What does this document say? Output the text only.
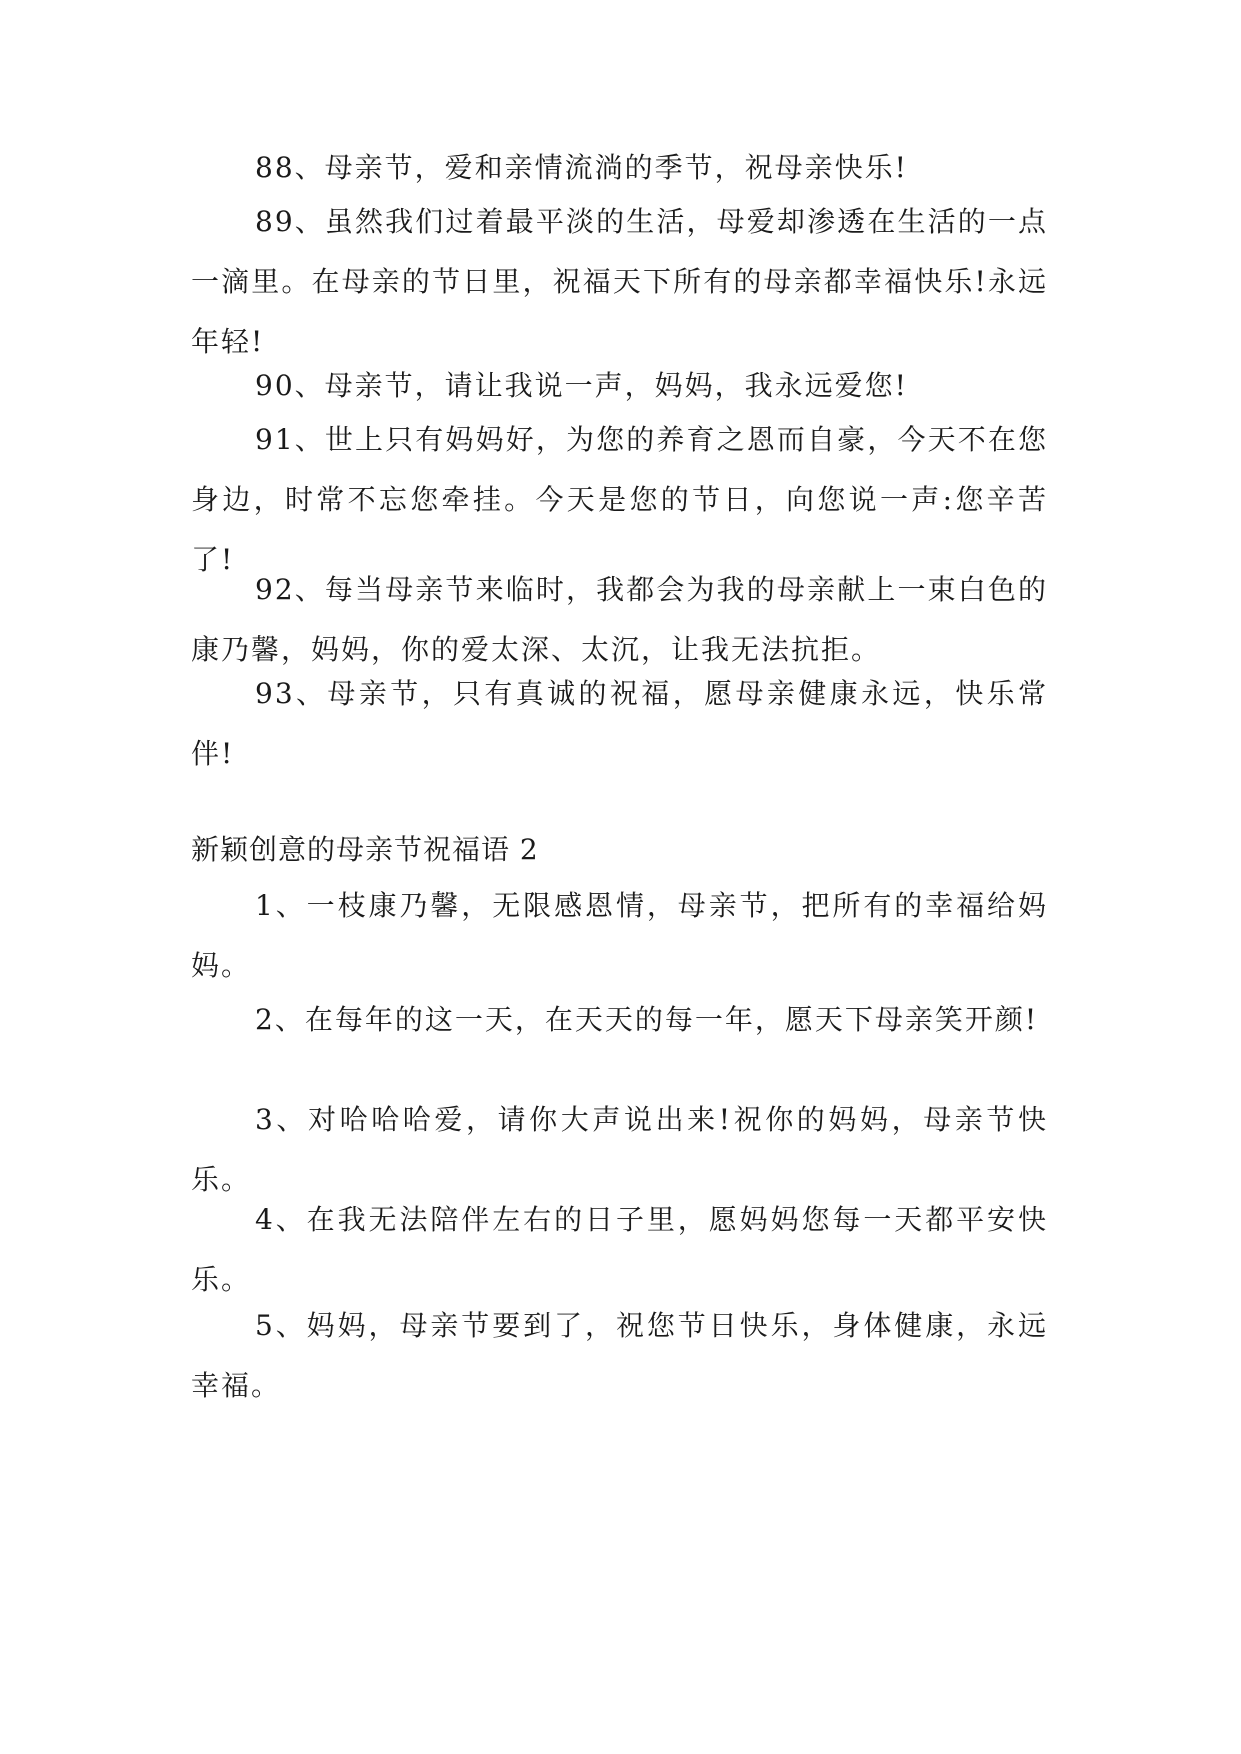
88、母亲节，爱和亲情流淌的季节，祝母亲快乐!

89、虽然我们过着最平淡的生活，母爱却渗透在生活的一点一滴里。在母亲的节日里，祝福天下所有的母亲都幸福快乐!永远年轻!

90、母亲节，请让我说一声，妈妈，我永远爱您!

91、世上只有妈妈好，为您的养育之恩而自豪，今天不在您身边，时常不忘您牵挂。今天是您的节日，向您说一声:您辛苦了!

92、每当母亲节来临时，我都会为我的母亲献上一束白色的康乃馨，妈妈，你的爱太深、太沉，让我无法抗拒。

93、母亲节，只有真诚的祝福，愿母亲健康永远，快乐常伴!

新颖创意的母亲节祝福语 2

1、一枝康乃馨，无限感恩情，母亲节，把所有的幸福给妈妈。

2、在每年的这一天，在天天的每一年，愿天下母亲笑开颜!

3、对哈哈哈爱，请你大声说出来!祝你的妈妈，母亲节快乐。

4、在我无法陪伴左右的日子里，愿妈妈您每一天都平安快乐。

5、妈妈，母亲节要到了，祝您节日快乐，身体健康，永远幸福。
